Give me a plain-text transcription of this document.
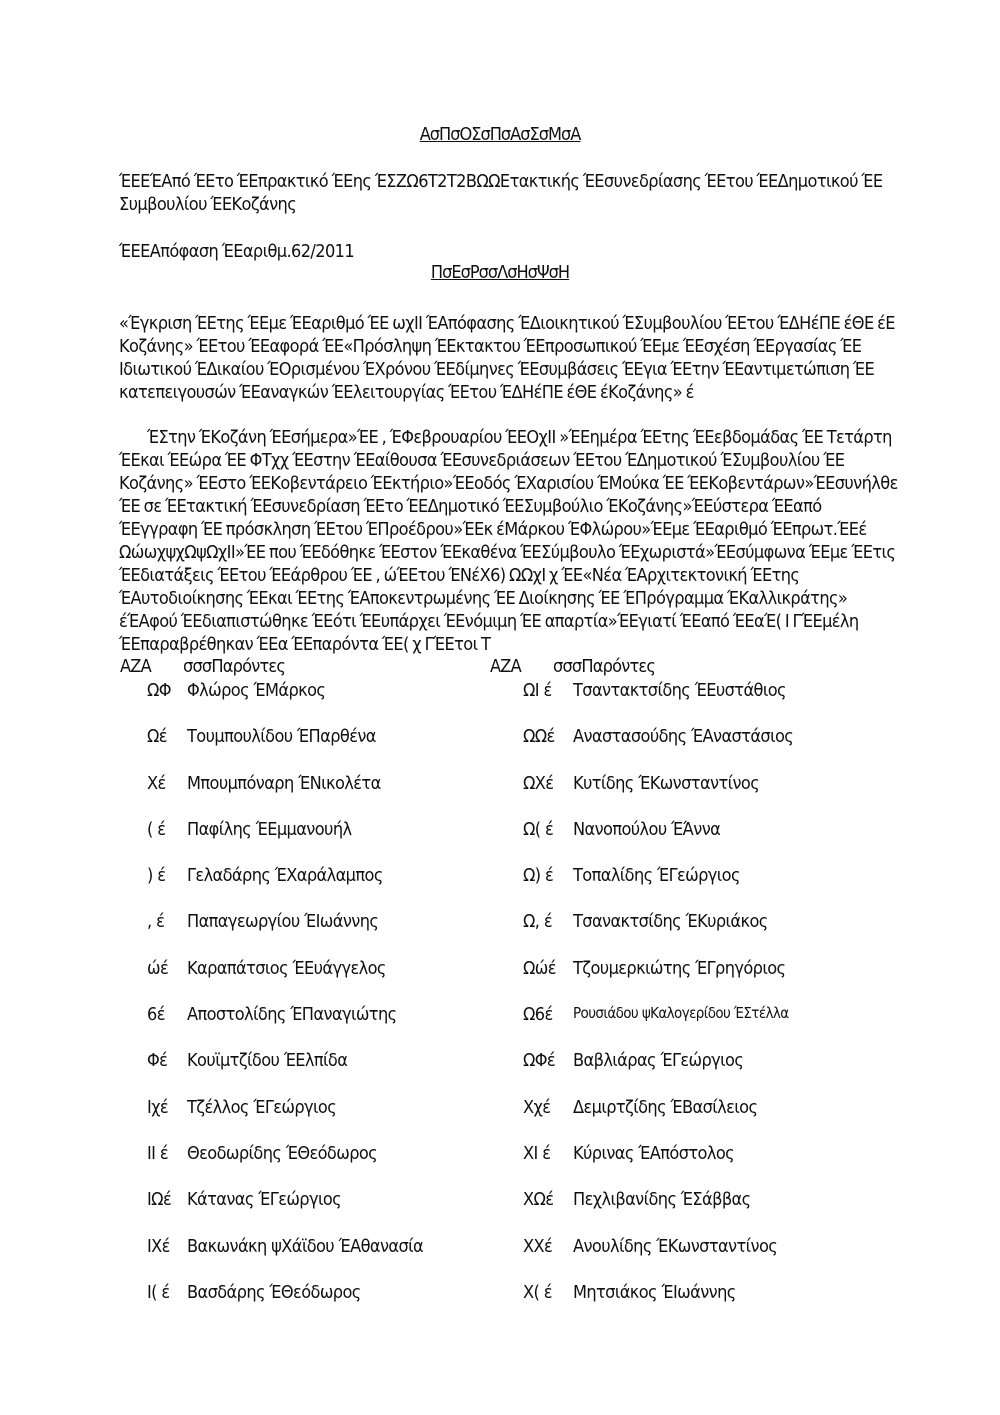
ΑσΠσΟΣσΠσΑσΣσΜσΑ
ΈΕΕΈΑπό ΈΕτο ΈΕπρακτικό ΈΕης ΈΣΖΩ6Τ2Τ2ΒΩΩΕτακτικής ΈΕσυνεδρίασης ΈΕτου ΈΕΔημοτικού ΈΕ Συμβουλίου ΈΕΚοζάνης
ΈΕΕΑπόφαση ΈΕαριθμ.62/2011
ΠσΕσΡσσΛσΗσΨσΗ
«Έγκριση ΈΕτης ΈΕμε ΈΕαριθμό ΈΕ ωχΙΙ ΈΑπόφασης ΈΔιοικητικού ΈΣυμβουλίου ΈΕτου ΈΔΗέΠΕ έΘΕ έΕ Κοζάνης» ΈΕτου ΈΕαφορά ΈΕ«Πρόσληψη ΈΕκτακτου ΈΕπροσωπικού ΈΕμε ΈΕσχέση ΈΕργασίας ΈΕ Ιδιωτικού ΈΔικαίου ΈΟρισμένου ΈΧρόνου ΈΕδίμηνες ΈΕσυμβάσεις ΈΕγια ΈΕτην ΈΕαντιμετώπιση ΈΕ κατεπειγουσών ΈΕαναγκών ΈΕλειτουργίας ΈΕτου ΈΔΗέΠΕ έΘΕ έΚοζάνης» έ
ΈΣτην ΈΚοζάνη ΈΕσήμερα»ΈΕ , ΈΦεβρουαρίου ΈΕΟχΙΙ »ΈΕημέρα ΈΕτης ΈΕεβδομάδας ΈΕ Τετάρτη ΈΕκαι ΈΕώρα ΈΕ ΦΤχχ ΈΕστην ΈΕαίθουσα ΈΕσυνεδριάσεων ΈΕτου ΈΔημοτικού ΈΣυμβουλίου ΈΕ Κοζάνης» ΈΕστο ΈΕΚοβεντάρειο ΈΕκτήριο»ΈΕοδός ΈΧαρισίου ΈΜούκα ΈΕ ΈΕΚοβεντάρων»ΈΕσυνήλθε ΈΕ σε ΈΕτακτική ΈΕσυνεδρίαση ΈΕτο ΈΕΔημοτικό ΈΕΣυμβούλιο ΈΚοζάνης»ΈΕύστερα ΈΕαπό ΈΕγγραφη ΈΕ πρόσκληση ΈΕτου ΈΠροέδρου»ΈΕκ έΜάρκου ΈΦλώρου»ΈΕμε ΈΕαριθμό ΈΕπρωτ.ΈΕέ ΩώωχψχΩψΩχΙΙ»ΈΕ που ΈΕδόθηκε ΈΕστον ΈΕκαθένα ΈΕΣύμβουλο ΈΕχωριστά»ΈΕσύμφωνα ΈΕμε ΈΕτις ΈΕδιατάξεις ΈΕτου ΈΕάρθρου ΈΕ , ώΈΕτου ΈΝέΧ6) ΩΩχΙ χ ΈΕ«Νέα ΈΑρχιτεκτονική ΈΕτης ΈΑυτοδιοίκησης ΈΕκαι ΈΕτης ΈΑποκεντρωμένης ΈΕ Διοίκησης ΈΕ ΈΠρόγραμμα ΈΚαλλικράτης» έΈΑφού ΈΕδιαπιστώθηκε ΈΕότι ΈΕυπάρχει ΈΕνόμιμη ΈΕ απαρτία»ΈΕγιατί ΈΕαπό ΈΕαΈ( Ι ΓΈΕμέλη ΈΕπαραβρέθηκαν ΈΕα ΈΕπαρόντα ΈΕ( χ ΓΈΕτοι Τ
ΑΖΑ	σσσΠαρόντες
ΩΦ Φλώρος ΈΜάρκος
Ωέ	Τουμπουλίδου ΈΠαρθένα
Χέ	Μπουμπόναρη ΈΝικολέτα
( έ	Παφίλης ΈΕμμανουήλ
) έ	Γελαδάρης ΈΧαράλαμπος
, έ	Παπαγεωργίου ΈΙωάννης
ώέ	Καραπάτσιος ΈΕυάγγελος
6έ	Αποστολίδης ΈΠαναγιώτης
Φέ	Κουϊμτζίδου ΈΕλπίδα
Ιχέ	Τζέλλος ΈΓεώργιος
ΙΙ έ	Θεοδωρίδης ΈΘεόδωρος
ΙΩέ Κάτανας ΈΓεώργιος
ΙΧέ Βακωνάκη ψΧάϊδου ΈΑθανασία
Ι( έ Βασδάρης ΈΘεόδωρος
ΑΖΑ	σσσΠαρόντες
ΩΙ έ	Τσαντακτσίδης ΈΕυστάθιος
ΩΩέ	Αναστασούδης ΈΑναστάσιος
ΩΧέ	Κυτίδης ΈΚωνσταντίνος
Ω( έ	Νανοπούλου ΈΆννα
Ω) έ	Τοπαλίδης ΈΓεώργιος
Ω, έ	Τσανακτσίδης ΈΚυριάκος
Ωώέ Τζουμερκιώτης ΈΓρηγόριος
Ω6έ	Ρουσιάδου ψΚαλογερίδου ΈΣτέλλα
ΩΦέ Βαβλιάρας ΈΓεώργιος
Χχέ	Δεμιρτζίδης ΈΒασίλειος
ΧΙ έ	Κύρινας ΈΑπόστολος
ΧΩέ	Πεχλιβανίδης ΈΣάββας
ΧΧέ	Ανουλίδης ΈΚωνσταντίνος
Χ( έ	Μητσιάκος ΈΙωάννης
